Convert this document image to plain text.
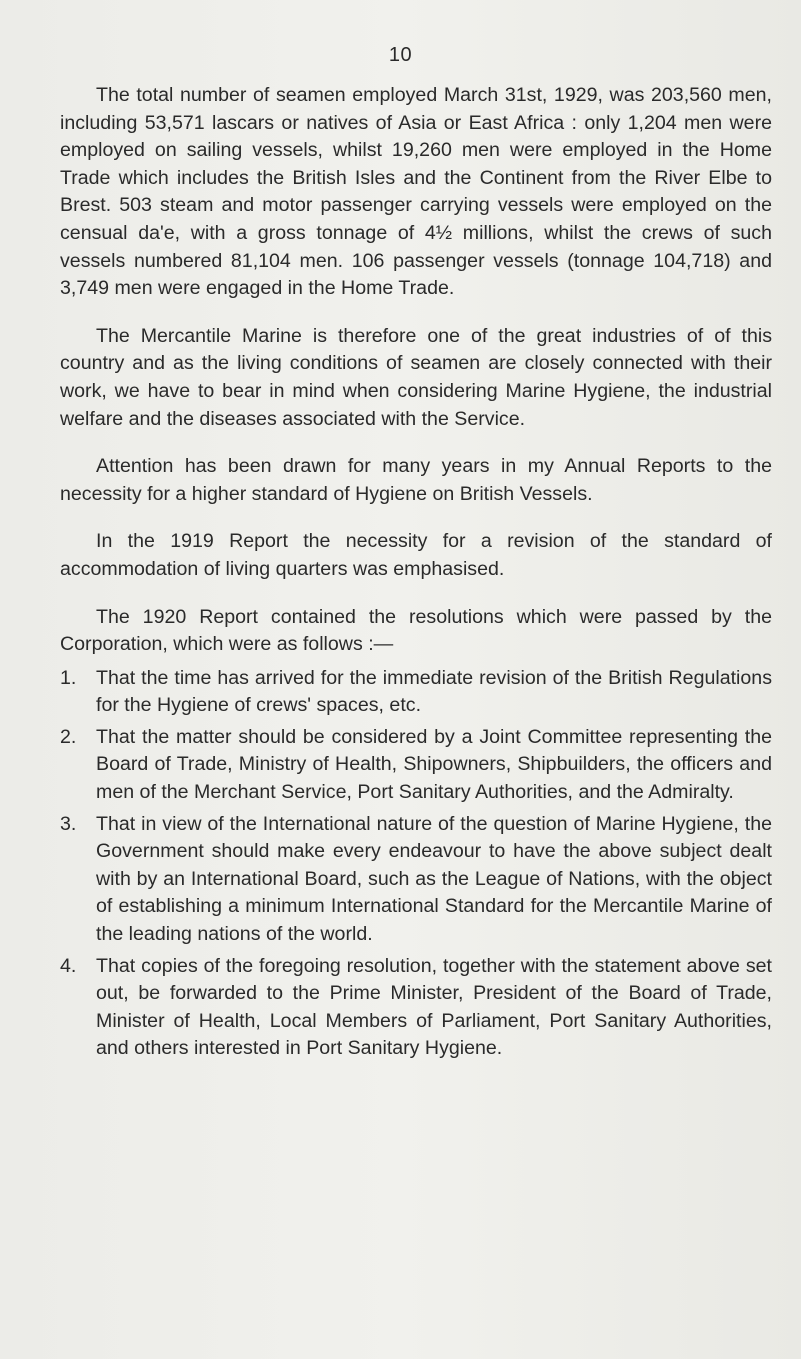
10

The total number of seamen employed March 31st, 1929, was 203,560 men, including 53,571 lascars or natives of Asia or East Africa : only 1,204 men were employed on sailing vessels, whilst 19,260 men were employed in the Home Trade which includes the British Isles and the Continent from the River Elbe to Brest. 503 steam and motor passenger carrying vessels were employed on the censual da'e, with a gross tonnage of 4½ millions, whilst the crews of such vessels numbered 81,104 men. 106 passenger vessels (tonnage 104,718) and 3,749 men were engaged in the Home Trade.

The Mercantile Marine is therefore one of the great industries of of this country and as the living conditions of seamen are closely connected with their work, we have to bear in mind when considering Marine Hygiene, the industrial welfare and the diseases associated with the Service.

Attention has been drawn for many years in my Annual Reports to the necessity for a higher standard of Hygiene on British Vessels.

In the 1919 Report the necessity for a revision of the standard of accommodation of living quarters was emphasised.

The 1920 Report contained the resolutions which were passed by the Corporation, which were as follows :—

1. That the time has arrived for the immediate revision of the British Regulations for the Hygiene of crews' spaces, etc.
2. That the matter should be considered by a Joint Committee representing the Board of Trade, Ministry of Health, Shipowners, Shipbuilders, the officers and men of the Merchant Service, Port Sanitary Authorities, and the Admiralty.
3. That in view of the International nature of the question of Marine Hygiene, the Government should make every endeavour to have the above subject dealt with by an International Board, such as the League of Nations, with the object of establishing a minimum International Standard for the Mercantile Marine of the leading nations of the world.
4. That copies of the foregoing resolution, together with the statement above set out, be forwarded to the Prime Minister, President of the Board of Trade, Minister of Health, Local Members of Parliament, Port Sanitary Authorities, and others interested in Port Sanitary Hygiene.
